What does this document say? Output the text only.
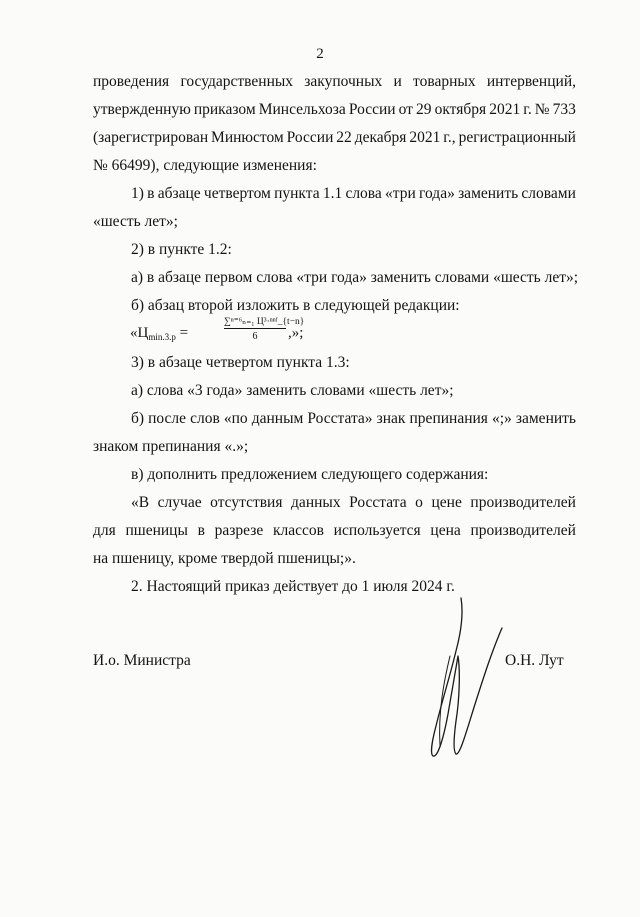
2
проведения государственных закупочных и товарных интервенций,
утвержденную приказом Минсельхоза России от 29 октября 2021 г. № 733
(зарегистрирован Минюстом России 22 декабря 2021 г., регистрационный
№ 66499), следующие изменения:
1) в абзаце четвертом пункта 1.1 слова «три года» заменить словами
«шесть лет»;
2) в пункте 1.2:
а) в абзаце первом слова «три года» заменить словами «шесть лет»;
б) абзац второй изложить в следующей редакции:
«$Ц_{min.3.р}$ =
∑ⁿ⁼⁶ₙ₌₁ Ц³·ⁿⁿᶠ_{t−n}
6	,»;
3) в абзаце четвертом пункта 1.3:
а) слова «3 года» заменить словами «шесть лет»;
б) после слов «по данным Росстата» знак препинания «;» заменить
знаком препинания «.»;
в) дополнить предложением следующего содержания:
«В случае отсутствия данных Росстата о цене производителей
для пшеницы в разрезе классов используется цена производителей
на пшеницу, кроме твердой пшеницы;».
2. Настоящий приказ действует до 1 июля 2024 г.
И.о. Министра	О.Н. Лут
